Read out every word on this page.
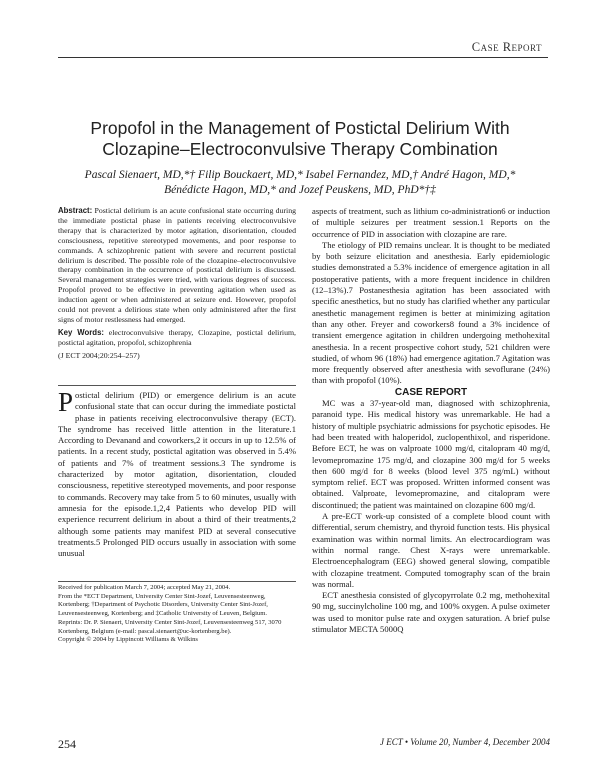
Case Report
Propofol in the Management of Postictal Delirium With Clozapine–Electroconvulsive Therapy Combination
Pascal Sienaert, MD,*† Filip Bouckaert, MD,* Isabel Fernandez, MD,† André Hagon, MD,*
Bénédicte Hagon, MD,* and Jozef Peuskens, MD, PhD*†‡

Abstract: Postictal delirium is an acute confusional state occurring during the immediate postictal phase in patients receiving electroconvulsive therapy that is characterized by motor agitation, disorientation, clouded consciousness, repetitive stereotyped movements, and poor response to commands. A schizophrenic patient with severe and recurrent postictal delirium is described. The possible role of the clozapine–electroconvulsive therapy combination in the occurrence of postictal delirium is discussed. Several management strategies were tried, with various degrees of success. Propofol proved to be effective in preventing agitation when used as induction agent or when administered at seizure end. However, propofol could not prevent a delirious state when only administered after the first signs of motor restlessness had emerged.

Key Words: electroconvulsive therapy, Clozapine, postictal delirium, postictal agitation, propofol, schizophrenia

(J ECT 2004;20:254–257)

Postictal delirium (PID) or emergence delirium is an acute confusional state that can occur during the immediate postictal phase in patients receiving electroconvulsive therapy (ECT). The syndrome has received little attention in the literature.1 According to Devanand and coworkers,2 it occurs in up to 12.5% of patients. In a recent study, postictal agitation was observed in 5.4% of patients and 7% of treatment sessions.3 The syndrome is characterized by motor agitation, disorientation, clouded consciousness, repetitive stereotyped movements, and poor response to commands. Recovery may take from 5 to 60 minutes, usually with amnesia for the episode.1,2,4 Patients who develop PID will experience recurrent delirium in about a third of their treatments,2 although some patients may manifest PID at several consecutive treatments.5 Prolonged PID occurs usually in association with some unusual

Received for publication March 7, 2004; accepted May 21, 2004.

From the *ECT Department, University Center Sint-Jozef, Leuvensesteenweg, Kortenberg; †Department of Psychotic Disorders, University Center Sint-Jozef, Leuvensesteenweg, Kortenberg; and ‡Catholic University of Leuven, Belgium.

Reprints: Dr. P. Sienaert, University Center Sint-Jozef, Leuvensesteenweg 517, 3070 Kortenberg, Belgium (e-mail: pascal.sienaert@uc-kortenberg.be).

Copyright © 2004 by Lippincott Williams & Wilkins

aspects of treatment, such as lithium co-administration6 or induction of multiple seizures per treatment session.1 Reports on the occurrence of PID in association with clozapine are rare.

The etiology of PID remains unclear. It is thought to be mediated by both seizure elicitation and anesthesia. Early epidemiologic studies demonstrated a 5.3% incidence of emergence agitation in all postoperative patients, with a more frequent incidence in children (12–13%).7 Postanesthesia agitation has been associated with specific anesthetics, but no study has clarified whether any particular anesthetic management regimen is better at minimizing agitation than any other. Freyer and coworkers8 found a 3% incidence of transient emergence agitation in children undergoing methohexital anesthesia. In a recent prospective cohort study, 521 children were studied, of whom 96 (18%) had emergence agitation.7 Agitation was more frequently observed after anesthesia with sevoflurane (24%) than with propofol (10%).

CASE REPORT

MC was a 37-year-old man, diagnosed with schizophrenia, paranoid type. His medical history was unremarkable. He had a history of multiple psychiatric admissions for psychotic episodes. He had been treated with haloperidol, zuclopenthixol, and risperidone. Before ECT, he was on valproate 1000 mg/d, citalopram 40 mg/d, levomepromazine 175 mg/d, and clozapine 300 mg/d for 5 weeks then 600 mg/d for 8 weeks (blood level 375 ng/mL) without symptom relief. ECT was proposed. Written informed consent was obtained. Valproate, levomepromazine, and citalopram were discontinued; the patient was maintained on clozapine 600 mg/d.

A pre-ECT work-up consisted of a complete blood count with differential, serum chemistry, and thyroid function tests. His physical examination was within normal limits. An electrocardiogram was within normal range. Chest X-rays were unremarkable. Electroencephalogram (EEG) showed general slowing, compatible with clozapine treatment. Computed tomography scan of the brain was normal.

ECT anesthesia consisted of glycopyrrolate 0.2 mg, methohexital 90 mg, succinylcholine 100 mg, and 100% oxygen. A pulse oximeter was used to monitor pulse rate and oxygen saturation. A brief pulse stimulator MECTA 5000Q

254	J ECT • Volume 20, Number 4, December 2004
